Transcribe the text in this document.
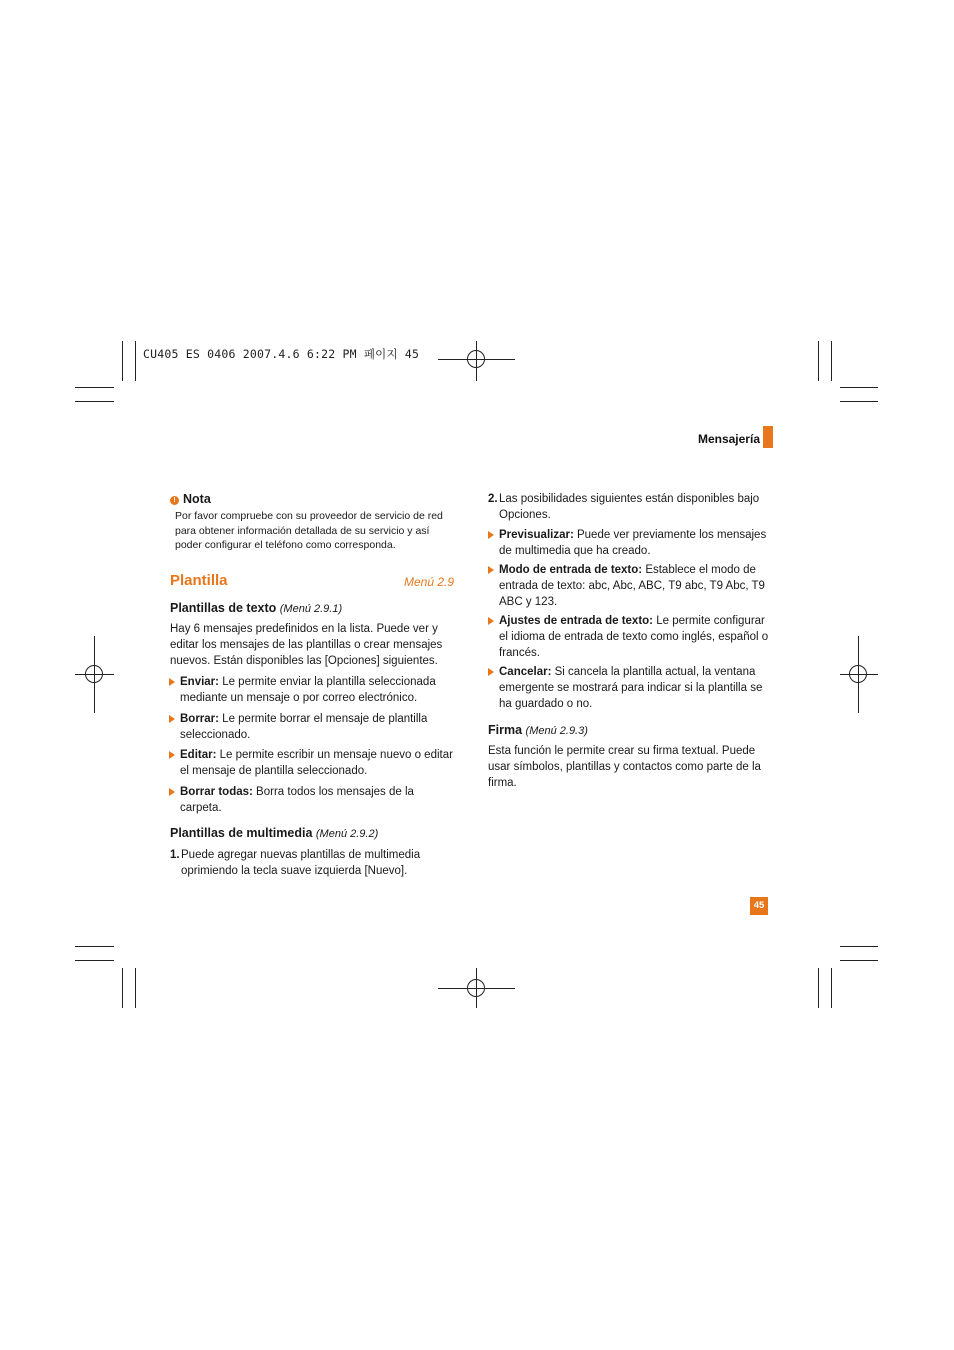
CU405 ES 0406 2007.4.6 6:22 PM 페이지 45
Mensajería
! Nota
Por favor compruebe con su proveedor de servicio de red para obtener información detallada de su servicio y así poder configurar el teléfono como corresponda.
Plantilla	Menú 2.9
Plantillas de texto (Menú 2.9.1)
Hay 6 mensajes predefinidos en la lista. Puede ver y editar los mensajes de las plantillas o crear mensajes nuevos. Están disponibles las [Opciones] siguientes.
Enviar: Le permite enviar la plantilla seleccionada mediante un mensaje o por correo electrónico.
Borrar: Le permite borrar el mensaje de plantilla seleccionado.
Editar: Le permite escribir un mensaje nuevo o editar el mensaje de plantilla seleccionado.
Borrar todas: Borra todos los mensajes de la carpeta.
Plantillas de multimedia (Menú 2.9.2)
1. Puede agregar nuevas plantillas de multimedia oprimiendo la tecla suave izquierda [Nuevo].
2. Las posibilidades siguientes están disponibles bajo Opciones.
Previsualizar: Puede ver previamente los mensajes de multimedia que ha creado.
Modo de entrada de texto: Establece el modo de entrada de texto: abc, Abc, ABC, T9 abc, T9 Abc, T9 ABC y 123.
Ajustes de entrada de texto: Le permite configurar el idioma de entrada de texto como inglés, español o francés.
Cancelar: Si cancela la plantilla actual, la ventana emergente se mostrará para indicar si la plantilla se ha guardado o no.
Firma (Menú 2.9.3)
Esta función le permite crear su firma textual. Puede usar símbolos, plantillas y contactos como parte de la firma.
45
